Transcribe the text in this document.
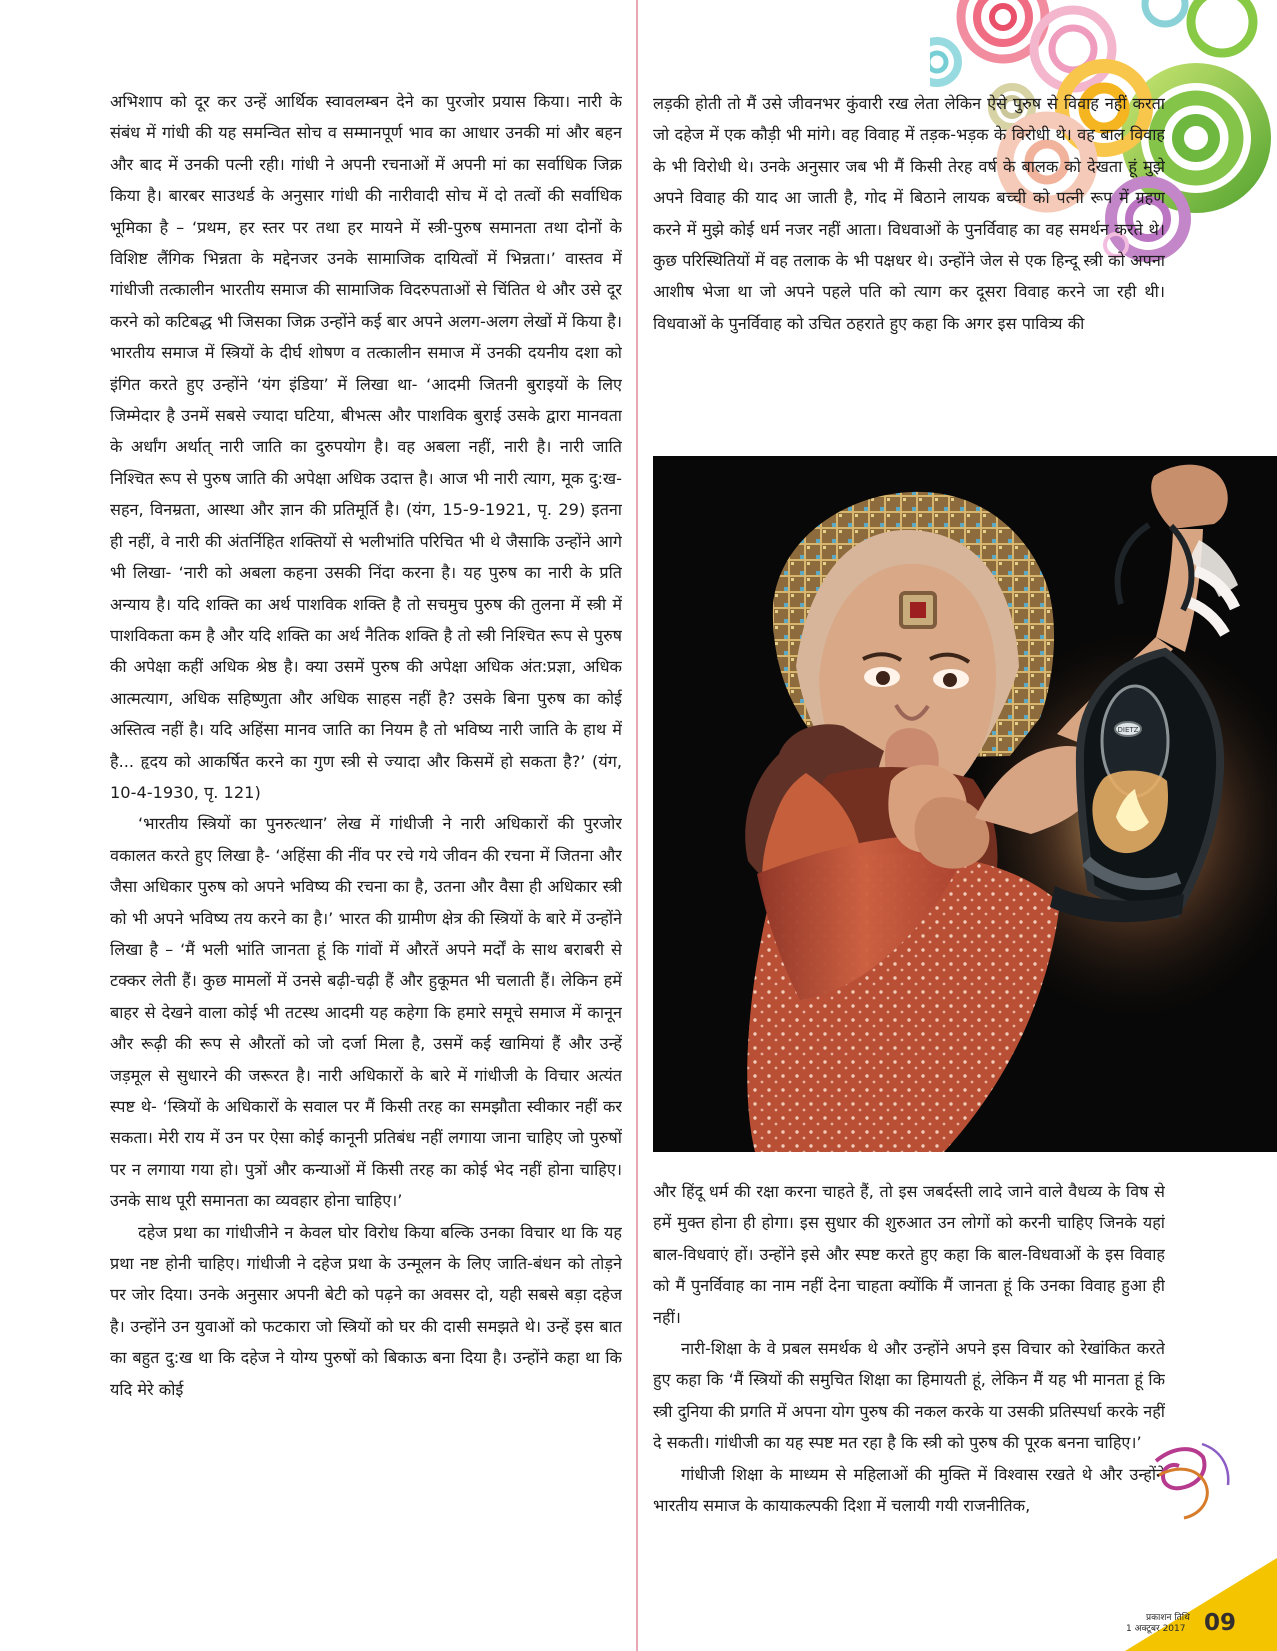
अभिशाप को दूर कर उन्हें आर्थिक स्वावलम्बन देने का पुरजोर प्रयास किया। नारी के संबंध में गांधी की यह समन्वित सोच व सम्मानपूर्ण भाव का आधार उनकी मां और बहन और बाद में उनकी पत्नी रही। गांधी ने अपनी रचनाओं में अपनी मां का सर्वाधिक जिक्र किया है। बारबर साउथर्ड के अनुसार गांधी की नारीवादी सोच में दो तत्वों की सर्वाधिक भूमिका है – ‘प्रथम, हर स्तर पर तथा हर मायने में स्त्री-पुरुष समानता तथा दोनों के विशिष्ट लैंगिक भिन्नता के मद्देनजर उनके सामाजिक दायित्वों में भिन्नता।’ वास्तव में गांधीजी तत्कालीन भारतीय समाज की सामाजिक विदरुपताओं से चिंतित थे और उसे दूर करने को कटिबद्ध भी जिसका जिक्र उन्होंने कई बार अपने अलग-अलग लेखों में किया है। भारतीय समाज में स्त्रियों के दीर्घ शोषण व तत्कालीन समाज में उनकी दयनीय दशा को इंगित करते हुए उन्होंने ‘यंग इंडिया’ में लिखा था- ‘आदमी जितनी बुराइयों के लिए जिम्मेदार है उनमें सबसे ज्यादा घटिया, बीभत्स और पाशविक बुराई उसके द्वारा मानवता के अर्धांग अर्थात् नारी जाति का दुरुपयोग है। वह अबला नहीं, नारी है। नारी जाति निश्चित रूप से पुरुष जाति की अपेक्षा अधिक उदात्त है। आज भी नारी त्याग, मूक दु:ख-सहन, विनम्रता, आस्था और ज्ञान की प्रतिमूर्ति है। (यंग, 15-9-1921, पृ. 29) इतना ही नहीं, वे नारी की अंतर्निहित शक्तियों से भलीभांति परिचित भी थे जैसाकि उन्होंने आगे भी लिखा- ‘नारी को अबला कहना उसकी निंदा करना है। यह पुरुष का नारी के प्रति अन्याय है। यदि शक्ति का अर्थ पाशविक शक्ति है तो सचमुच पुरुष की तुलना में स्त्री में पाशविकता कम है और यदि शक्ति का अर्थ नैतिक शक्ति है तो स्त्री निश्चित रूप से पुरुष की अपेक्षा कहीं अधिक श्रेष्ठ है। क्या उसमें पुरुष की अपेक्षा अधिक अंत:प्रज्ञा, अधिक आत्मत्याग, अधिक सहिष्णुता और अधिक साहस नहीं है? उसके बिना पुरुष का कोई अस्तित्व नहीं है। यदि अहिंसा मानव जाति का नियम है तो भविष्य नारी जाति के हाथ में है... हृदय को आकर्षित करने का गुण स्त्री से ज्यादा और किसमें हो सकता है?’ (यंग, 10-4-1930, पृ. 121)

‘भारतीय स्त्रियों का पुनरुत्थान’ लेख में गांधीजी ने नारी अधिकारों की पुरजोर वकालत करते हुए लिखा है- ‘अहिंसा की नींव पर रचे गये जीवन की रचना में जितना और जैसा अधिकार पुरुष को अपने भविष्य की रचना का है, उतना और वैसा ही अधिकार स्त्री को भी अपने भविष्य तय करने का है।’ भारत की ग्रामीण क्षेत्र की स्त्रियों के बारे में उन्होंने लिखा है – ‘मैं भली भांति जानता हूं कि गांवों में औरतें अपने मर्दों के साथ बराबरी से टक्कर लेती हैं। कुछ मामलों में उनसे बढ़ी-चढ़ी हैं और हुकूमत भी चलाती हैं। लेकिन हमें बाहर से देखने वाला कोई भी तटस्थ आदमी यह कहेगा कि हमारे समूचे समाज में कानून और रूढ़ी की रूप से औरतों को जो दर्जा मिला है, उसमें कई खामियां हैं और उन्हें जड़मूल से सुधारने की जरूरत है। नारी अधिकारों के बारे में गांधीजी के विचार अत्यंत स्पष्ट थे- ‘स्त्रियों के अधिकारों के सवाल पर मैं किसी तरह का समझौता स्वीकार नहीं कर सकता। मेरी राय में उन पर ऐसा कोई कानूनी प्रतिबंध नहीं लगाया जाना चाहिए जो पुरुषों पर न लगाया गया हो। पुत्रों और कन्याओं में किसी तरह का कोई भेद नहीं होना चाहिए। उनके साथ पूरी समानता का व्यवहार होना चाहिए।’

दहेज प्रथा का गांधीजीने न केवल घोर विरोध किया बल्कि उनका विचार था कि यह प्रथा नष्ट होनी चाहिए। गांधीजी ने दहेज प्रथा के उन्मूलन के लिए जाति-बंधन को तोड़ने पर जोर दिया। उनके अनुसार अपनी बेटी को पढ़ने का अवसर दो, यही सबसे बड़ा दहेज है। उन्होंने उन युवाओं को फटकारा जो स्त्रियों को घर की दासी समझते थे। उन्हें इस बात का बहुत दु:ख था कि दहेज ने योग्य पुरुषों को बिकाऊ बना दिया है। उन्होंने कहा था कि यदि मेरे कोई

लड़की होती तो मैं उसे जीवनभर कुंवारी रख लेता लेकिन ऐसे पुरुष से विवाह नहीं करता जो दहेज में एक कौड़ी भी मांगे। वह विवाह में तड़क-भड़क के विरोधी थे। वह बाल विवाह के भी विरोधी थे। उनके अनुसार जब भी मैं किसी तेरह वर्ष के बालक को देखता हूं मुझे अपने विवाह की याद आ जाती है, गोद में बिठाने लायक बच्ची को पत्नी रूप में ग्रहण करने में मुझे कोई धर्म नजर नहीं आता। विधवाओं के पुनर्विवाह का वह समर्थन करते थे। कुछ परिस्थितियों में वह तलाक के भी पक्षधर थे। उन्होंने जेल से एक हिन्दू स्त्री को अपना आशीष भेजा था जो अपने पहले पति को त्याग कर दूसरा विवाह करने जा रही थी। विधवाओं के पुनर्विवाह को उचित ठहराते हुए कहा कि अगर इस पावित्र्य की

DIETZ

और हिंदू धर्म की रक्षा करना चाहते हैं, तो इस जबर्दस्ती लादे जाने वाले वैधव्य के विष से हमें मुक्त होना ही होगा। इस सुधार की शुरुआत उन लोगों को करनी चाहिए जिनके यहां बाल-विधवाएं हों। उन्होंने इसे और स्पष्ट करते हुए कहा कि बाल-विधवाओं के इस विवाह को मैं पुनर्विवाह का नाम नहीं देना चाहता क्योंकि मैं जानता हूं कि उनका विवाह हुआ ही नहीं।

नारी-शिक्षा के वे प्रबल समर्थक थे और उन्होंने अपने इस विचार को रेखांकित करते हुए कहा कि ‘मैं स्त्रियों की समुचित शिक्षा का हिमायती हूं, लेकिन मैं यह भी मानता हूं कि स्त्री दुनिया की प्रगति में अपना योग पुरुष की नकल करके या उसकी प्रतिस्पर्धा करके नहीं दे सकती। गांधीजी का यह स्पष्ट मत रहा है कि स्त्री को पुरुष की पूरक बनना चाहिए।’

गांधीजी शिक्षा के माध्यम से महिलाओं की मुक्ति में विश्वास रखते थे और उन्होंने भारतीय समाज के कायाकल्पकी दिशा में चलायी गयी राजनीतिक,

प्रकाशन तिथि
1 अक्टूबर 2017 09
